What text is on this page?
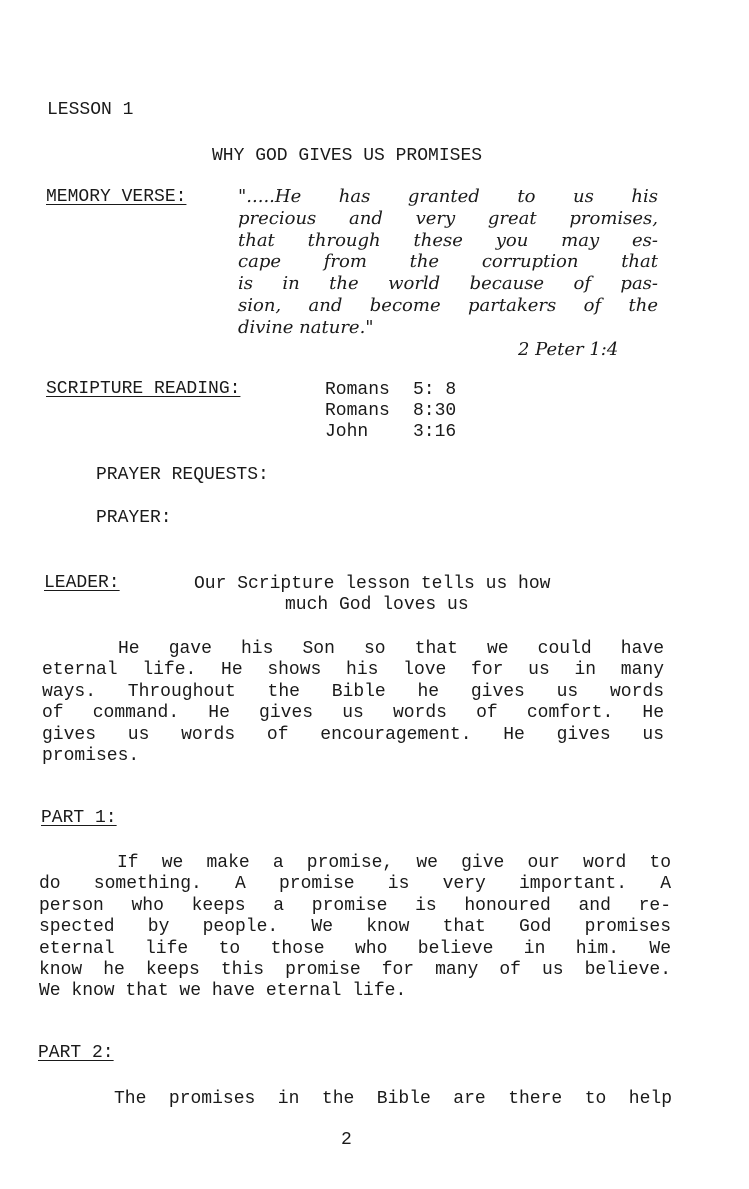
LESSON 1
WHY GOD GIVES US PROMISES
MEMORY VERSE:	".....He has granted to us his
precious and very great promises,
that through these you may es-
cape from the corruption that
is in the world because of pas-
sion, and become partakers of the
divine nature."
2 Peter 1:4
SCRIPTURE READING:	Romans	5: 8
Romans	8:30
John	3:16
PRAYER REQUESTS:
PRAYER:
LEADER:	Our Scripture lesson tells us how
much God loves us
He gave his Son so that we could have
eternal life. He shows his love for us in many
ways. Throughout the Bible he gives us words
of command. He gives us words of comfort. He
gives us words of encouragement. He gives us
promises.
PART 1:
If we make a promise, we give our word to
do something. A promise is very important. A
person who keeps a promise is honoured and re-
spected by people. We know that God promises
eternal life to those who believe in him. We
know he keeps this promise for many of us believe.
We know that we have eternal life.
PART 2:
The promises in the Bible are there to help
2
